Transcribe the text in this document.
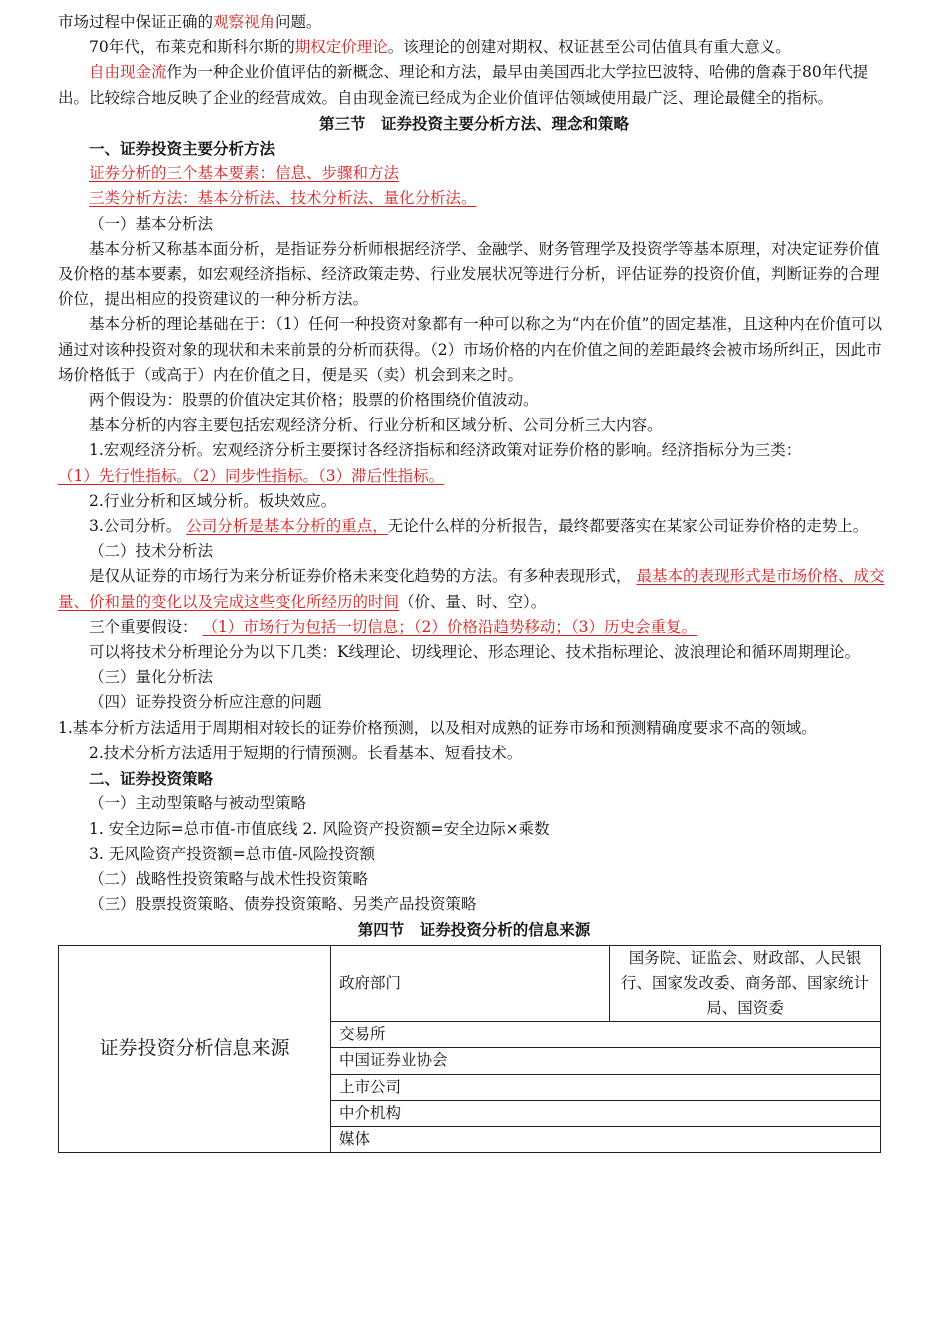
市场过程中保证正确的观察视角问题。

70年代，布莱克和斯科尔斯的期权定价理论。该理论的创建对期权、权证甚至公司估值具有重大意义。

自由现金流作为一种企业价值评估的新概念、理论和方法，最早由美国西北大学拉巴波特、哈佛的詹森于80年代提出。比较综合地反映了企业的经营成效。自由现金流已经成为企业价值评估领域使用最广泛、理论最健全的指标。

第三节　证券投资主要分析方法、理念和策略

一、证券投资主要分析方法

证券分析的三个基本要素：信息、步骤和方法

三类分析方法：基本分析法、技术分析法、量化分析法。

（一）基本分析法

基本分析又称基本面分析，是指证券分析师根据经济学、金融学、财务管理学及投资学等基本原理，对决定证券价值及价格的基本要素，如宏观经济指标、经济政策走势、行业发展状况等进行分析，评估证券的投资价值，判断证券的合理价位，提出相应的投资建议的一种分析方法。

基本分析的理论基础在于：（1）任何一种投资对象都有一种可以称之为“内在价值”的固定基准，且这种内在价值可以通过对该种投资对象的现状和未来前景的分析而获得。（2）市场价格的内在价值之间的差距最终会被市场所纠正，因此市场价格低于（或高于）内在价值之日，便是买（卖）机会到来之时。

两个假设为：股票的价值决定其价格；股票的价格围绕价值波动。

基本分析的内容主要包括宏观经济分析、行业分析和区域分析、公司分析三大内容。

1.宏观经济分析。宏观经济分析主要探讨各经济指标和经济政策对证券价格的影响。经济指标分为三类：
（1）先行性指标。（2）同步性指标。（3）滞后性指标。

2.行业分析和区域分析。板块效应。

3.公司分析。 公司分析是基本分析的重点，无论什么样的分析报告，最终都要落实在某家公司证券价格的走势上。

（二）技术分析法

是仅从证券的市场行为来分析证券价格未来变化趋势的方法。有多种表现形式， 最基本的表现形式是市场价格、成交量、价和量的变化以及完成这些变化所经历的时间（价、量、时、空）。

三个重要假设： （1）市场行为包括一切信息；（2）价格沿趋势移动；（3）历史会重复。

可以将技术分析理论分为以下几类：K线理论、切线理论、形态理论、技术指标理论、波浪理论和循环周期理论。

（三）量化分析法

（四）证券投资分析应注意的问题

1.基本分析方法适用于周期相对较长的证券价格预测，以及相对成熟的证券市场和预测精确度要求不高的领域。

2.技术分析方法适用于短期的行情预测。长看基本、短看技术。

二、证券投资策略

（一）主动型策略与被动型策略

1. 安全边际=总市值-市值底线 2. 风险资产投资额=安全边际×乘数

3. 无风险资产投资额=总市值-风险投资额

（二）战略性投资策略与战术性投资策略

（三）股票投资策略、债券投资策略、另类产品投资策略

第四节　证券投资分析的信息来源

证券投资分析信息来源	政府部门	国务院、证监会、财政部、人民银行、国家发改委、商务部、国家统计局、国资委
交易所
中国证券业协会
上市公司
中介机构
媒体
